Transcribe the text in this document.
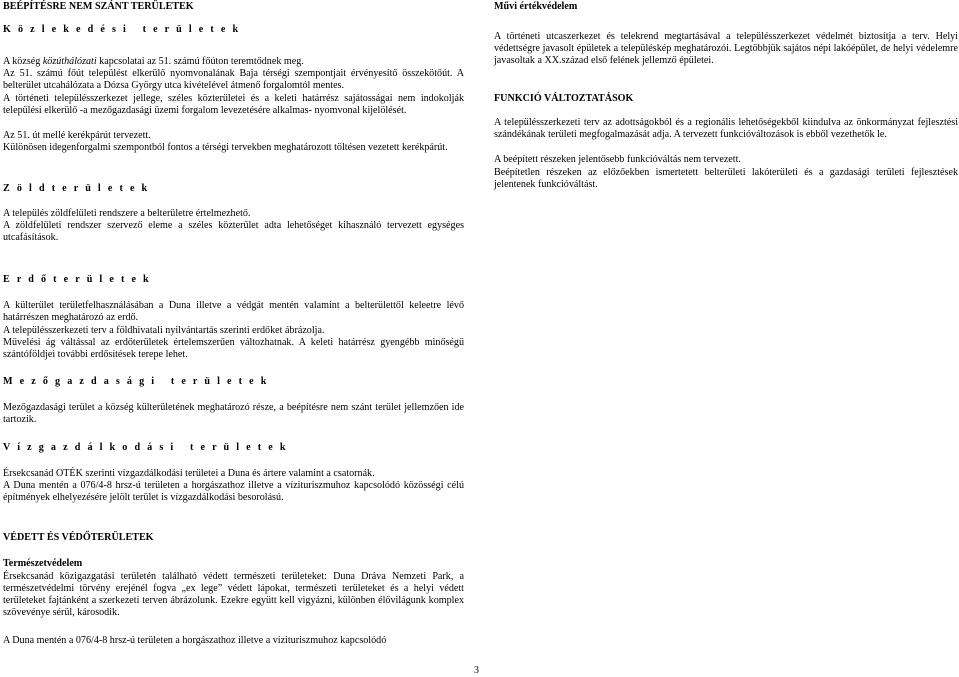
BEÉPÍTÉSRE NEM SZÁNT TERÜLETEK

K ö z l e k e d é s i   t e r ü l e t e k

A község közúthálózati kapcsolatai az 51. számú főúton teremtődnek meg.

Az 51. számú főút települést elkerülő nyomvonalának Baja térségi szempontjait érvényesítő összekötőút. A belterület utcahálózata a Dózsa György utca kivételével átmenő forgalomtól mentes.

A történeti településszerkezet jellege, széles közterületei és a keleti határrész sajátosságai nem indokolják települési elkerülő -a mezőgazdasági üzemi forgalom levezetésére alkalmas- nyomvonal kijelölését.

Az 51. út mellé kerékpárút tervezett.

Különösen idegenforgalmi szempontból fontos a térségi tervekben meghatározott töltésen vezetett kerékpárút.

Z ö l d t e r ü l e t e k

A település zöldfelületi rendszere a belterületre értelmezhető.

A zöldfelületi rendszer szervező eleme a széles közterület adta lehetőséget kihasználó tervezett egységes utcafásítások.

E r d ő t e r ü l e t e k

A külterület területfelhasználásában a Duna illetve a védgát mentén valamint a belterülettől keleetre lévő határrészen meghatározó az erdő.

A településszerkezeti terv a földhivatali nyilvántartás szerinti erdőket ábrázolja.

Művelési ág váltással az erdőterületek értelemszerűen változhatnak. A keleti határrész gyengébb minőségű szántóföldjei további erdősítések terepe lehet.

M e z ő g a z d a s á g i   t e r ü l e t e k

Mezőgazdasági terület a község külterületének meghatározó része, a beépítésre nem szánt terület jellemzően ide tartozik.

V í z g a z d á l k o d á s i   t e r ü l e t e k

Érsekcsanád OTÉK szerinti vízgazdálkodási területei a Duna és ártere valamint a csatornák.

A Duna mentén a 076/4-8 hrsz-ú területen a horgászathoz illetve a vízituriszmuhoz kapcsolódó közösségi célú építmények elhelyezésére jelölt terület is vízgazdálkodási besorolású.

VÉDETT ÉS VÉDŐTERÜLETEK

Természetvédelem

Érsekcsanád közigazgatási területén található védett természeti területeket: Duna Dráva Nemzeti Park, a természetvédelmi törvény erejénél fogva „ex lege” védett lápokat, természeti területeket és a helyi védett területeket fajtánként a szerkezeti terven ábrázolunk. Ezekre együtt kell vigyázni, különben élővilágunk komplex szövevénye sérül, károsodik.

A Duna mentén a 076/4-8 hrsz-ú területen a horgászathoz illetve a vízituriszmuhoz kapcsolódó

Művi értékvédelem

A történeti utcaszerkezet és telekrend megtartásával a településszerkezet védelmét biztosítja a terv. Helyi védettségre javasolt épületek a településkép meghatározói. Legtöbbjük sajátos népi lakóépület, de helyi védelemre javasoltak a XX.század első felének jellemző épületei.

FUNKCIÓ VÁLTOZTATÁSOK

A településszerkezeti terv az adottságokból és a regionális lehetőségekből kiindulva az önkormányzat fejlesztési szándékának területi megfogalmazását adja. A tervezett funkcióváltozások is ebből vezethetők le.

A beépített részeken jelentősebb funkcióváltás nem tervezett.

Beépítetlen részeken az előzőekben ismertetett belterületi lakóterületi és a gazdasági területi fejlesztések jelentenek funkcióváltást.

3
